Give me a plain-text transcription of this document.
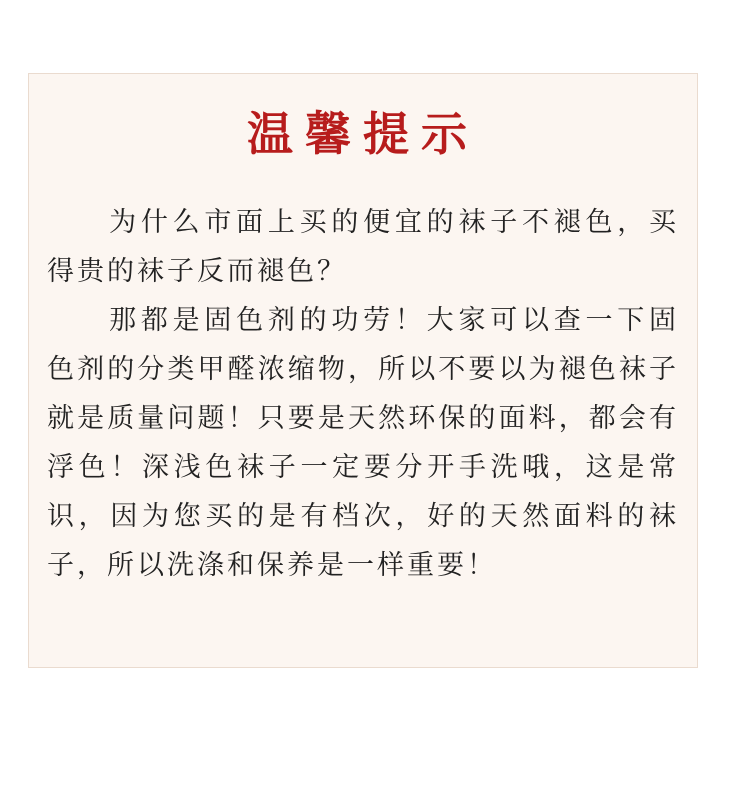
温馨提示

为什么市面上买的便宜的袜子不褪色，买得贵的袜子反而褪色？

那都是固色剂的功劳！大家可以查一下固色剂的分类甲醛浓缩物，所以不要以为褪色袜子就是质量问题！只要是天然环保的面料，都会有浮色！深浅色袜子一定要分开手洗哦，这是常识，因为您买的是有档次，好的天然面料的袜子，所以洗涤和保养是一样重要！
